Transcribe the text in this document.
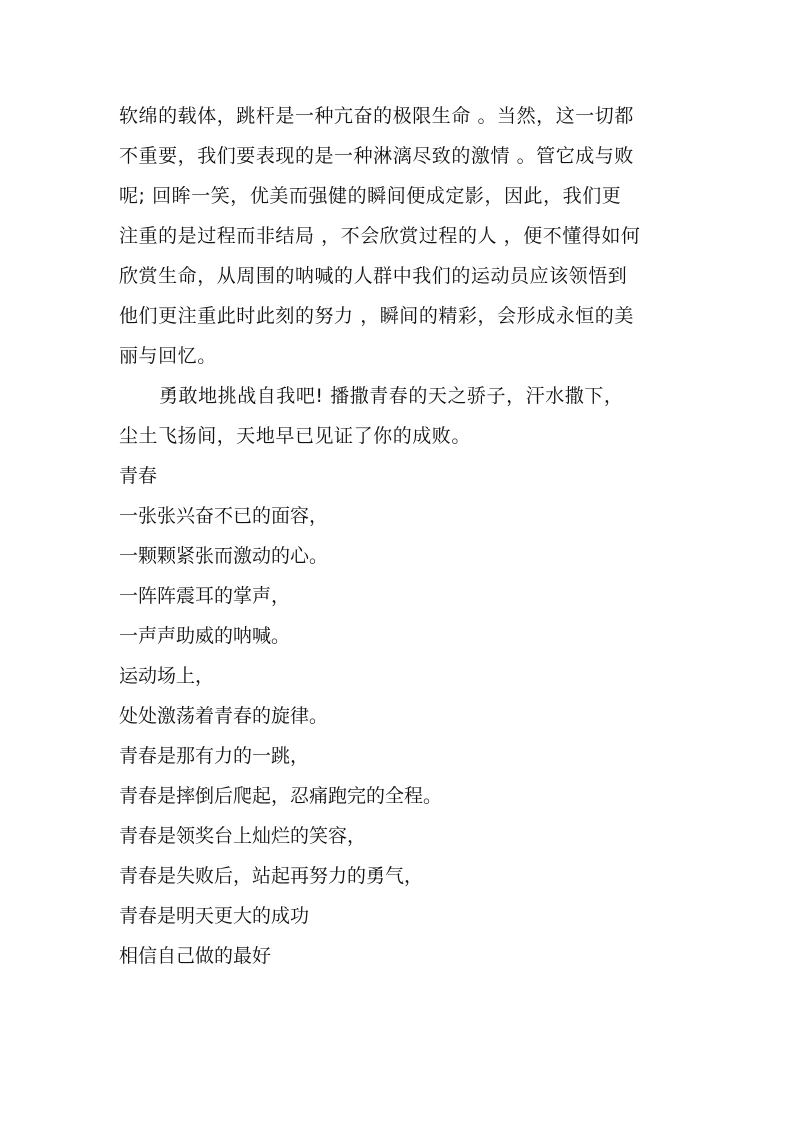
软绵的载体，跳杆是一种亢奋的极限生命 。当然，这一切都
不重要，我们要表现的是一种淋漓尽致的激情 。管它成与败
呢; 回眸一笑，优美而强健的瞬间便成定影，因此，我们更
注重的是过程而非结局 ，不会欣赏过程的人 ，便不懂得如何
欣赏生命，从周围的呐喊的人群中我们的运动员应该领悟到
他们更注重此时此刻的努力 ，瞬间的精彩，会形成永恒的美
丽与回忆。
勇敢地挑战自我吧! 播撒青春的天之骄子，汗水撒下，
尘土飞扬间，天地早已见证了你的成败。
青春
一张张兴奋不已的面容，
一颗颗紧张而激动的心。
一阵阵震耳的掌声，
一声声助威的呐喊。
运动场上，
处处激荡着青春的旋律。
青春是那有力的一跳，
青春是摔倒后爬起，忍痛跑完的全程。
青春是领奖台上灿烂的笑容，
青春是失败后，站起再努力的勇气，
青春是明天更大的成功
相信自己做的最好
